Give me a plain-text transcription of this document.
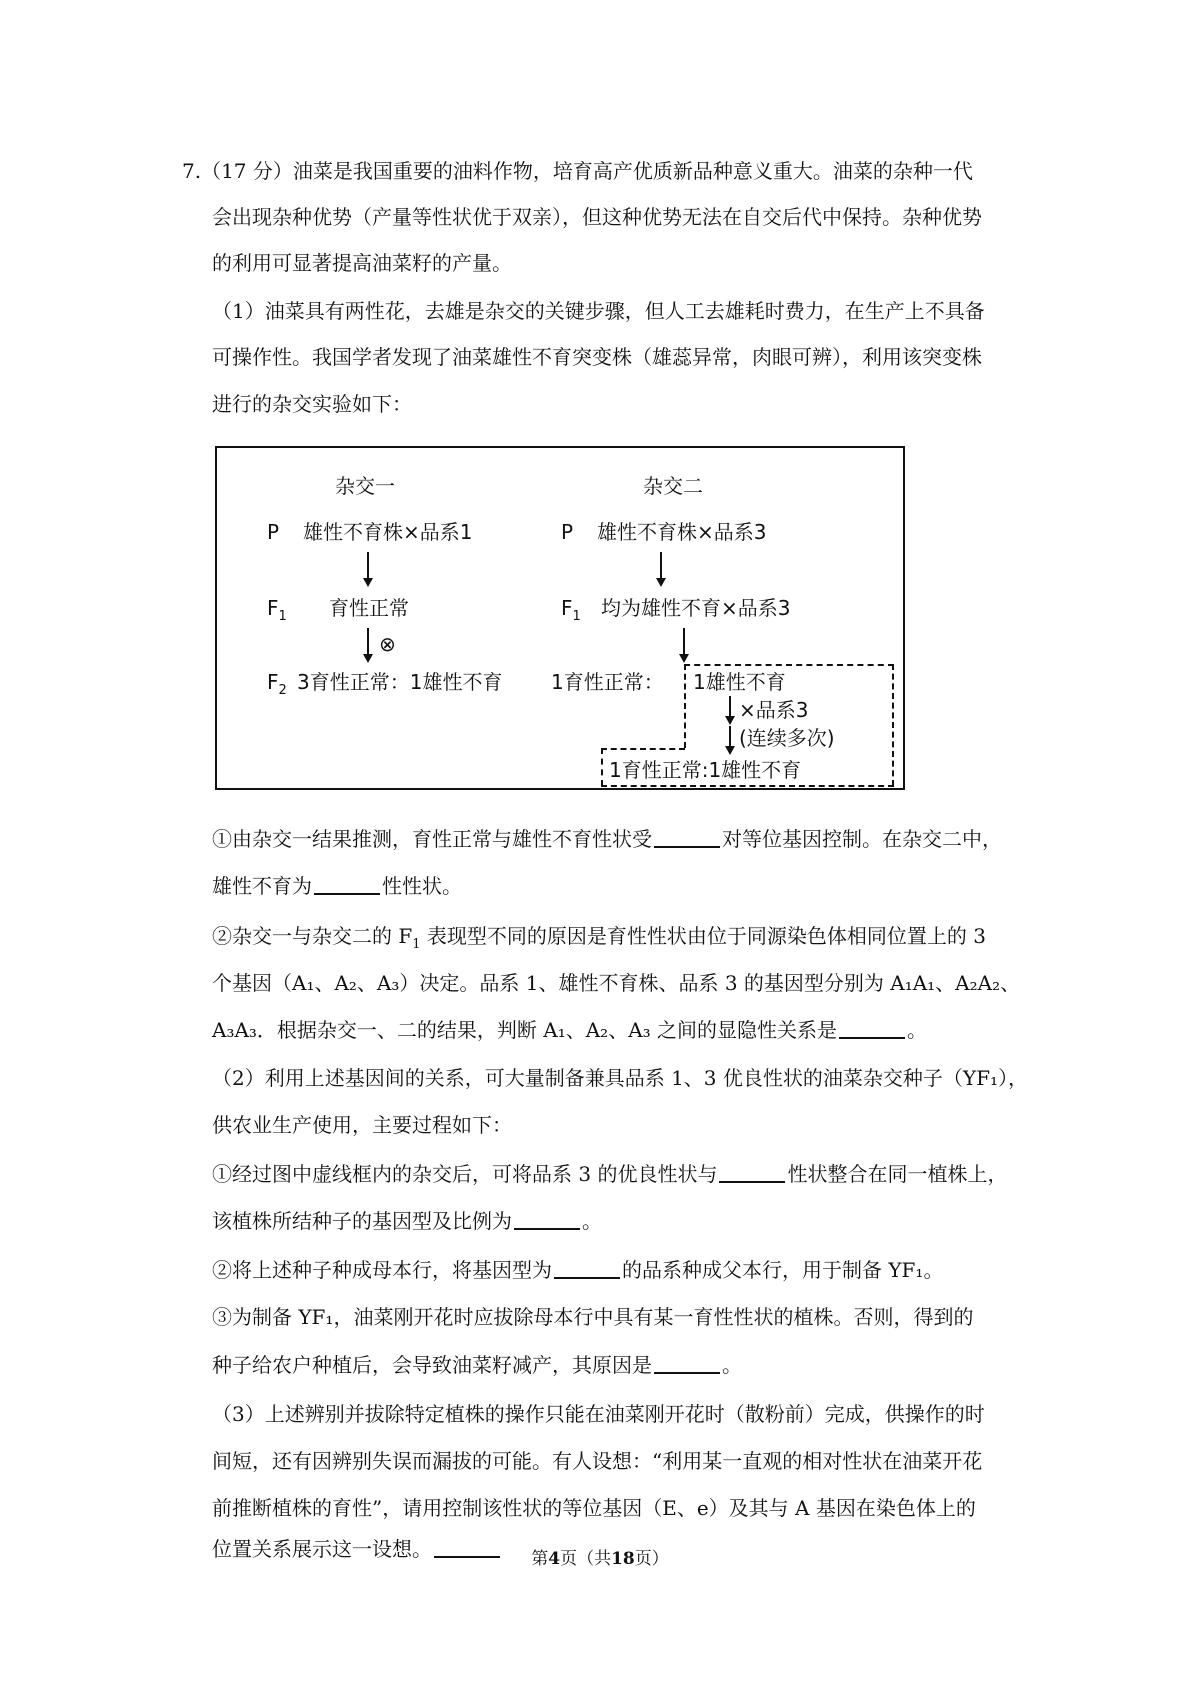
7.（17 分）油菜是我国重要的油料作物，培育高产优质新品种意义重大。油菜的杂种一代
会出现杂种优势（产量等性状优于双亲），但这种优势无法在自交后代中保持。杂种优势
的利用可显著提高油菜籽的产量。
（1）油菜具有两性花，去雄是杂交的关键步骤，但人工去雄耗时费力，在生产上不具备
可操作性。我国学者发现了油菜雄性不育突变株（雄蕊异常，肉眼可辨），利用该突变株
进行的杂交实验如下：
杂交一	杂交二
P 雄性不育株×品系1	P 雄性不育株×品系3
$F_1$ 育性正常	$F_1$ 均为雄性不育×品系3
⊗
$F_2$ 3育性正常：1雄性不育 1育性正常： 1雄性不育
×品系3
(连续多次)
1育性正常:1雄性不育
①由杂交一结果推测，育性正常与雄性不育性状受	对等位基因控制。在杂交二中，
雄性不育为	性性状。
②杂交一与杂交二的 $F_1$ 表现型不同的原因是育性性状由位于同源染色体相同位置上的 3
个基因（A₁、A₂、A₃）决定。品系 1、雄性不育株、品系 3 的基因型分别为 A₁A₁、A₂A₂、
A₃A₃．根据杂交一、二的结果，判断 A₁、A₂、A₃ 之间的显隐性关系是	。
（2）利用上述基因间的关系，可大量制备兼具品系 1、3 优良性状的油菜杂交种子（YF₁），
供农业生产使用，主要过程如下：
①经过图中虚线框内的杂交后，可将品系 3 的优良性状与	性状整合在同一植株上，
该植株所结种子的基因型及比例为	。
②将上述种子种成母本行，将基因型为	的品系种成父本行，用于制备 YF₁。
③为制备 YF₁，油菜刚开花时应拔除母本行中具有某一育性性状的植株。否则，得到的
种子给农户种植后，会导致油菜籽减产，其原因是	。
（3）上述辨别并拔除特定植株的操作只能在油菜刚开花时（散粉前）完成，供操作的时
间短，还有因辨别失误而漏拔的可能。有人设想：“利用某一直观的相对性状在油菜开花
前推断植株的育性”，请用控制该性状的等位基因（E、e）及其与 A 基因在染色体上的
位置关系展示这一设想。	第4页（共18页）
